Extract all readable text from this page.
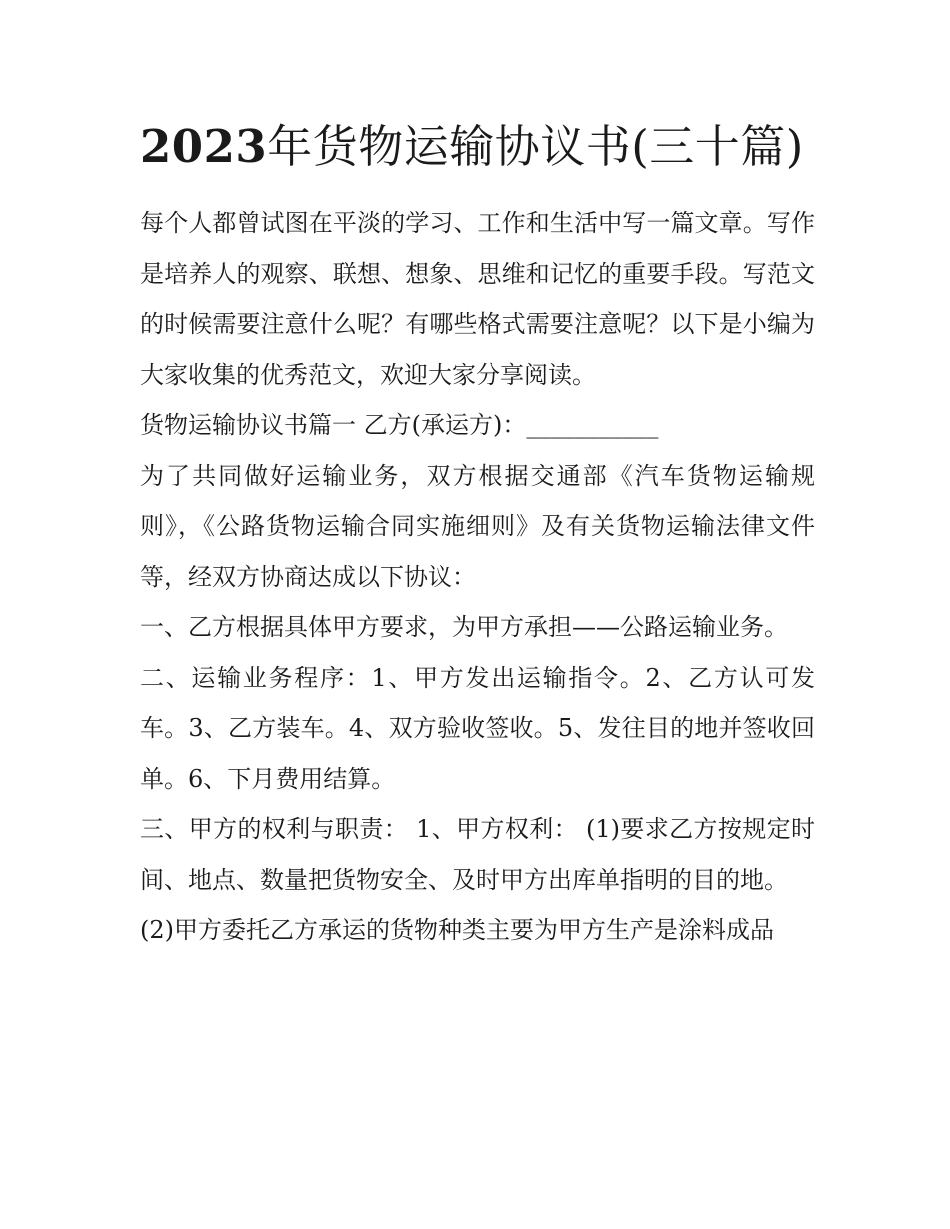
2023年货物运输协议书(三十篇)

每个人都曾试图在平淡的学习、工作和生活中写一篇文章。写作是培养人的观察、联想、想象、思维和记忆的重要手段。写范文的时候需要注意什么呢？有哪些格式需要注意呢？以下是小编为大家收集的优秀范文，欢迎大家分享阅读。

货物运输协议书篇一 乙方(承运方)：___________

为了共同做好运输业务，双方根据交通部《汽车货物运输规则》，《公路货物运输合同实施细则》及有关货物运输法律文件等，经双方协商达成以下协议：

一、乙方根据具体甲方要求，为甲方承担——公路运输业务。

二、运输业务程序：1、甲方发出运输指令。2、乙方认可发车。3、乙方装车。4、双方验收签收。5、发往目的地并签收回单。6、下月费用结算。

三、甲方的权利与职责： 1、甲方权利： (1)要求乙方按规定时间、地点、数量把货物安全、及时甲方出库单指明的目的地。

(2)甲方委托乙方承运的货物种类主要为甲方生产是涂料成品
